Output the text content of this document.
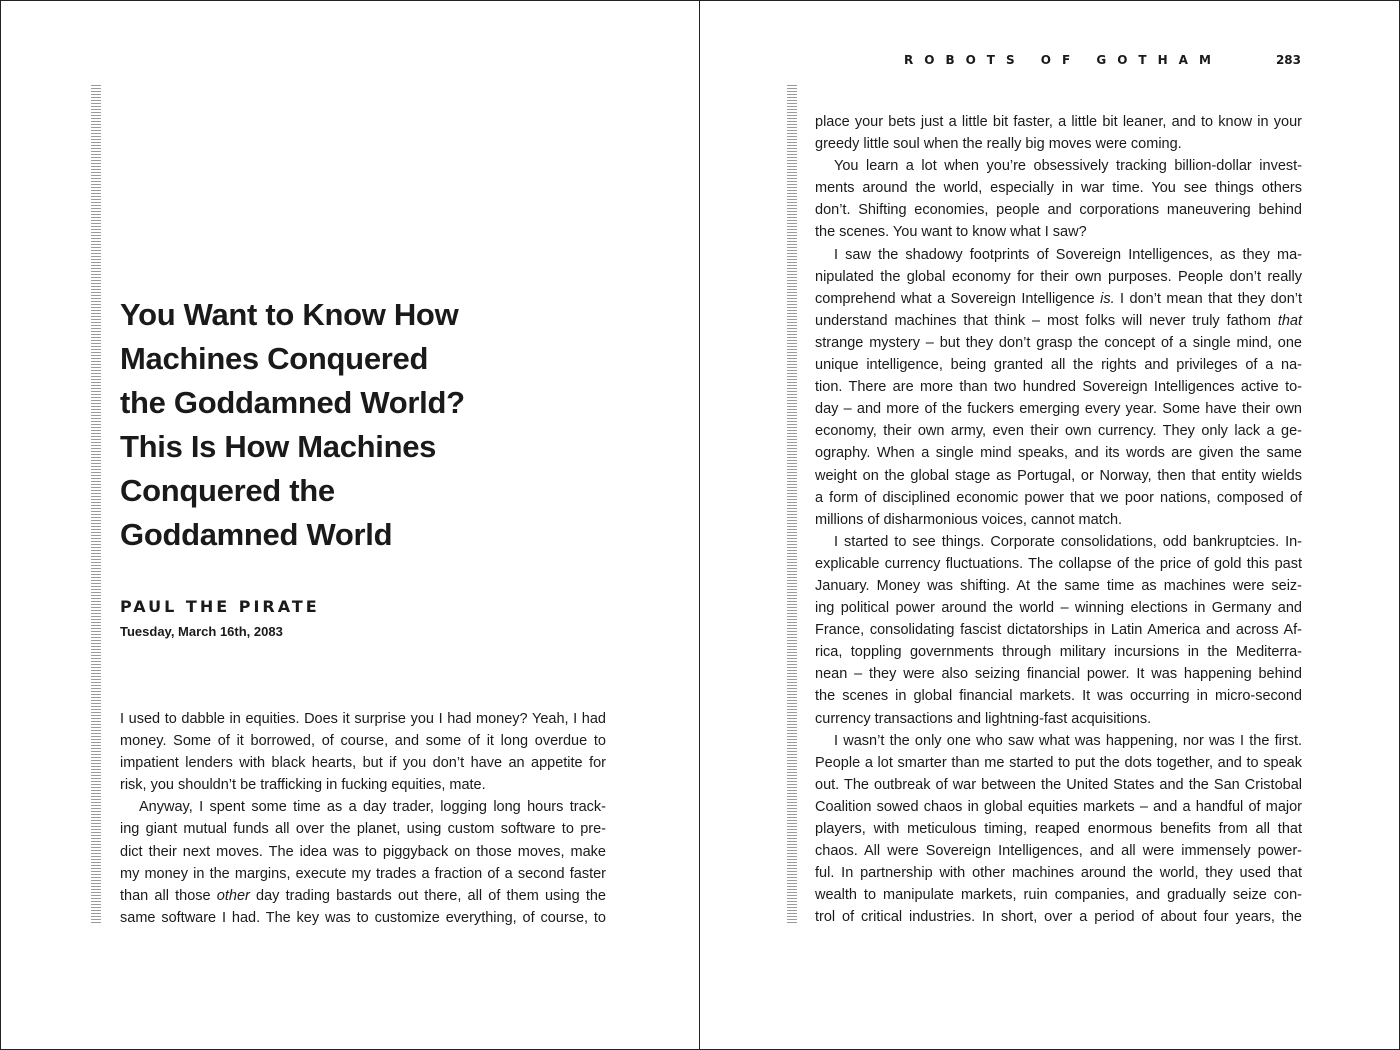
You Want to Know How
Machines Conquered
the Goddamned World?
This Is How Machines
Conquered the
Goddamned World
PAUL THE PIRATE
Tuesday, March 16th, 2083
I used to dabble in equities. Does it surprise you I had money? Yeah, I had
money. Some of it borrowed, of course, and some of it long overdue to
impatient lenders with black hearts, but if you don’t have an appetite for
risk, you shouldn’t be trafficking in fucking equities, mate.
Anyway, I spent some time as a day trader, logging long hours track-
ing giant mutual funds all over the planet, using custom software to pre-
dict their next moves. The idea was to piggyback on those moves, make
my money in the margins, execute my trades a fraction of a second faster
than all those other day trading bastards out there, all of them using the
same software I had. The key was to customize everything, of course, to
ROBOTS OF GOTHAM	283
place your bets just a little bit faster, a little bit leaner, and to know in your
greedy little soul when the really big moves were coming.
You learn a lot when you’re obsessively tracking billion-dollar invest-
ments around the world, especially in war time. You see things others
don’t. Shifting economies, people and corporations maneuvering behind
the scenes. You want to know what I saw?
I saw the shadowy footprints of Sovereign Intelligences, as they ma-
nipulated the global economy for their own purposes. People don’t really
comprehend what a Sovereign Intelligence is. I don’t mean that they don’t
understand machines that think – most folks will never truly fathom that
strange mystery – but they don’t grasp the concept of a single mind, one
unique intelligence, being granted all the rights and privileges of a na-
tion. There are more than two hundred Sovereign Intelligences active to-
day – and more of the fuckers emerging every year. Some have their own
economy, their own army, even their own currency. They only lack a ge-
ography. When a single mind speaks, and its words are given the same
weight on the global stage as Portugal, or Norway, then that entity wields
a form of disciplined economic power that we poor nations, composed of
millions of disharmonious voices, cannot match.
I started to see things. Corporate consolidations, odd bankruptcies. In-
explicable currency fluctuations. The collapse of the price of gold this past
January. Money was shifting. At the same time as machines were seiz-
ing political power around the world – winning elections in Germany and
France, consolidating fascist dictatorships in Latin America and across Af-
rica, toppling governments through military incursions in the Mediterra-
nean – they were also seizing financial power. It was happening behind
the scenes in global financial markets. It was occurring in micro-second
currency transactions and lightning-fast acquisitions.
I wasn’t the only one who saw what was happening, nor was I the first.
People a lot smarter than me started to put the dots together, and to speak
out. The outbreak of war between the United States and the San Cristobal
Coalition sowed chaos in global equities markets – and a handful of major
players, with meticulous timing, reaped enormous benefits from all that
chaos. All were Sovereign Intelligences, and all were immensely power-
ful. In partnership with other machines around the world, they used that
wealth to manipulate markets, ruin companies, and gradually seize con-
trol of critical industries. In short, over a period of about four years, the
